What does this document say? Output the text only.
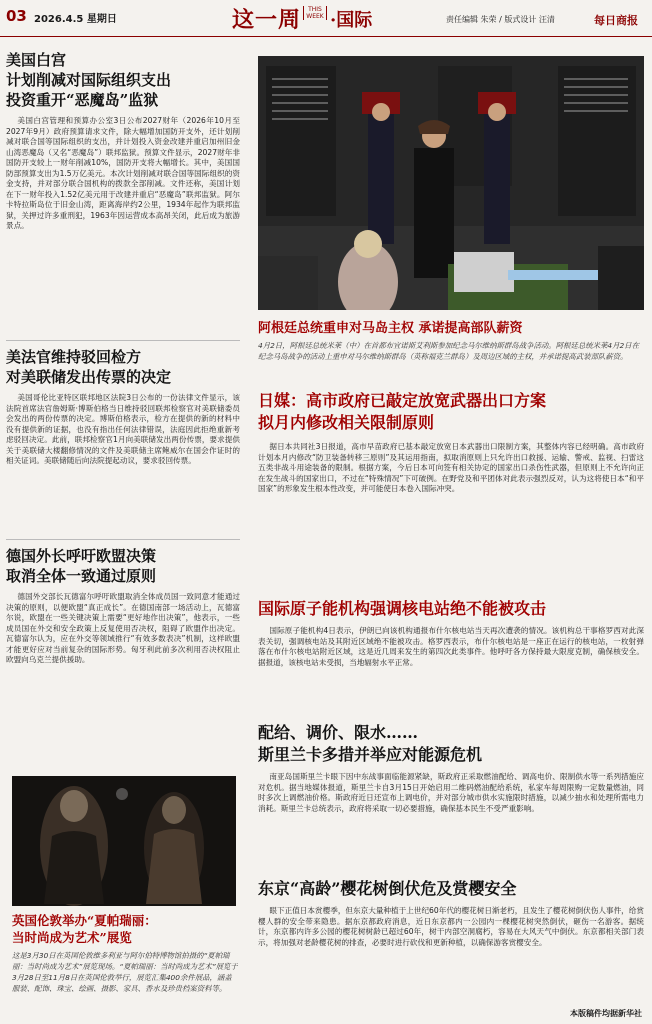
03 2026.4.5 星期日	这一周	THIS WEEK ·国际	责任编辑 朱荣 / 版式设计 汪清	每日商报
美国白宫
计划削减对国际组织支出
投资重开“恶魔岛”监狱

美国白宫管理和预算办公室3日公布2027财年（2026年10月至2027年9月）政府预算请求文件，除大幅增加国防开支外，还计划削减对联合国等国际组织的支出，并计划投入资金改建并重启加州旧金山湾恶魔岛（又名“恶魔岛”）联邦监狱。预算文件显示，2027财年非国防开支较上一财年削减10%，国防开支将大幅增长。其中，美国国防部预算支出为1.5万亿美元。本次计划削减对联合国等国际组织的资金支持，并对部分联合国机构的拨款全部削减。文件还称，美国计划在下一财年投入1.52亿美元用于改建并重启“恶魔岛”联邦监狱。阿尔卡特拉斯岛位于旧金山湾，距离海岸约2公里，1934年起作为联邦监狱，关押过许多重刑犯，1963年因运营成本高昂关闭，此后成为旅游景点。

美法官维持驳回检方
对美联储发出传票的决定

美国哥伦比亚特区联邦地区法院3日公布的一份法律文件显示，该法院首席法官詹姆斯·博斯伯格当日维持驳回联邦检察官对美联储委员会发出的两份传票的决定。博斯伯格表示，检方在提供的新的材料中没有提供新的证据，也没有指出任何法律错误，法庭因此拒绝重新考虑驳回决定。此前，联邦检察官1月向美联储发出两份传票，要求提供关于美联储大楼翻修情况的文件及美联储主席鲍威尔在国会作证时的相关证词。美联储随后向法院提起动议，要求驳回传票。

德国外长呼吁欧盟决策
取消全体一致通过原则

德国外交部长瓦德富尔呼吁欧盟取消全体成员国一致同意才能通过决策的原则，以便欧盟“真正成长”。在德国南部一场活动上，瓦德富尔说，欧盟在一些关键决策上需要“更好地作出决策”，他表示，一些成员国在外交和安全政策上反复使用否决权，阻碍了欧盟作出决定。瓦德富尔认为，应在外交等领域推行“有效多数表决”机制，这样欧盟才能更好应对当前复杂的国际形势。匈牙利此前多次利用否决权阻止欧盟向乌克兰提供援助。

英国伦敦举办“夏帕瑞丽：
当时尚成为艺术”展览

这是3月30日在英国伦敦维多利亚与阿尔伯特博物馆拍摄的“夏帕瑞丽：当时尚成为艺术”展览现场。“夏帕瑞丽：当时尚成为艺术”展览于3月28日至11月8日在英国伦敦举行，展览汇集400余件展品，涵盖服装、配饰、珠宝、绘画、摄影、家具、香水及珍贵档案资料等。

阿根廷总统重申对马岛主权 承诺提高部队薪资

4月2日，阿根廷总统米莱（中）在首都布宜诺斯艾利斯参加纪念马尔维纳斯群岛战争活动。阿根廷总统米莱4月2日在纪念马岛战争的活动上重申对马尔维纳斯群岛（英称福克兰群岛）及周边区域的主权，并承诺提高武装部队薪资。

日媒：高市政府已敲定放宽武器出口方案
拟月内修改相关限制原则

据日本共同社3日报道，高市早苗政府已基本敲定放宽日本武器出口限制方案，其整体内容已经明确。高市政府计划本月内修改“防卫装备转移三原则”及其运用指南，拟取消原则上只允许出口救援、运输、警戒、监视、扫雷这五类非战斗用途装备的限制。根据方案，今后日本可向签有相关协定的国家出口杀伤性武器，但原则上不允许向正在发生战斗的国家出口，不过在“特殊情况”下可破例。在野党及和平团体对此表示强烈反对，认为这将使日本“和平国家”的形象发生根本性改变，并可能使日本卷入国际冲突。

国际原子能机构强调核电站绝不能被攻击

国际原子能机构4日表示，伊朗已向该机构通报布什尔核电站当天再次遭袭的情况。该机构总干事格罗西对此深表关切，强调核电站及其附近区域绝不能被攻击。格罗西表示，布什尔核电站是一座正在运行的核电站，一枚射弹落在布什尔核电站附近区域，这是近几周来发生的第四次此类事件。他呼吁各方保持最大限度克制，确保核安全。据报道，该核电站未受损，当地辐射水平正常。

配给、调价、限水……
斯里兰卡多措并举应对能源危机

南亚岛国斯里兰卡眼下因中东战事面临能源紧缺，斯政府正采取燃油配给、调高电价、限制供水等一系列措施应对危机。据当地媒体报道，斯里兰卡自3月15日开始启用二维码燃油配给系统，私家车每周限购一定数量燃油，同时多次上调燃油价格。斯政府近日还宣布上调电价，并对部分城市供水实施限时措施，以减少抽水和处理所需电力消耗。斯里兰卡总统表示，政府将采取一切必要措施，确保基本民生不受严重影响。

东京“高龄”樱花树倒伏危及赏樱安全

眼下正值日本赏樱季，但东京大量种植于上世纪60年代的樱花树日渐老朽，且发生了樱花树倒伏伤人事件，给赏樱人群的安全带来隐患。据东京都政府消息，近日东京都内一公园内一棵樱花树突然倒伏，砸伤一名游客。据统计，东京都内许多公园的樱花树树龄已超过60年，树干内部空洞腐朽，容易在大风天气中倒伏。东京都相关部门表示，将加强对老龄樱花树的排查，必要时进行砍伐和更新种植，以确保游客赏樱安全。

本版稿件均据新华社
